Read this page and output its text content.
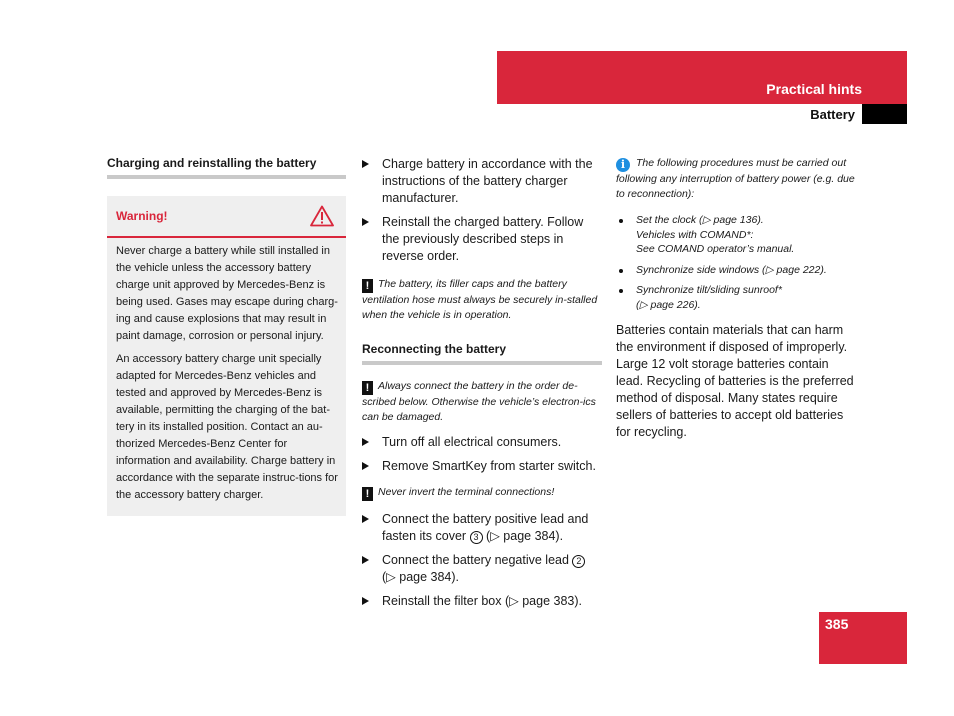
Practical hints
Battery
Charging and reinstalling the battery
Warning!

Never charge a battery while still installed in the vehicle unless the accessory battery charge unit approved by Mercedes-Benz is being used. Gases may escape during charg-ing and cause explosions that may result in paint damage, corrosion or personal injury.

An accessory battery charge unit specially adapted for Mercedes-Benz vehicles and tested and approved by Mercedes-Benz is available, permitting the charging of the bat-tery in its installed position. Contact an au-thorized Mercedes-Benz Center for information and availability. Charge battery in accordance with the separate instruc-tions for the accessory battery charger.

Charge battery in accordance with the instructions of the battery charger manufacturer.
Reinstall the charged battery. Follow the previously described steps in reverse order.

! The battery, its filler caps and the battery ventilation hose must always be securely in-stalled when the vehicle is in operation.

Reconnecting the battery

! Always connect the battery in the order de-scribed below. Otherwise the vehicle’s electron-ics can be damaged.

Turn off all electrical consumers.
Remove SmartKey from starter switch.

! Never invert the terminal connections!

Connect the battery positive lead and fasten its cover 3 (▷ page 384).
Connect the battery negative lead 2
(▷ page 384).
Reinstall the filter box (▷ page 383).

i The following procedures must be carried out following any interruption of battery power (e.g. due to reconnection):

Set the clock (▷ page 136).
Vehicles with COMAND*:
See COMAND operator’s manual.
Synchronize side windows (▷ page 222).
Synchronize tilt/sliding sunroof*
(▷ page 226).

Batteries contain materials that can harm the environment if disposed of improperly. Large 12 volt storage batteries contain lead. Recycling of batteries is the preferred method of disposal. Many states require sellers of batteries to accept old batteries for recycling.

385
